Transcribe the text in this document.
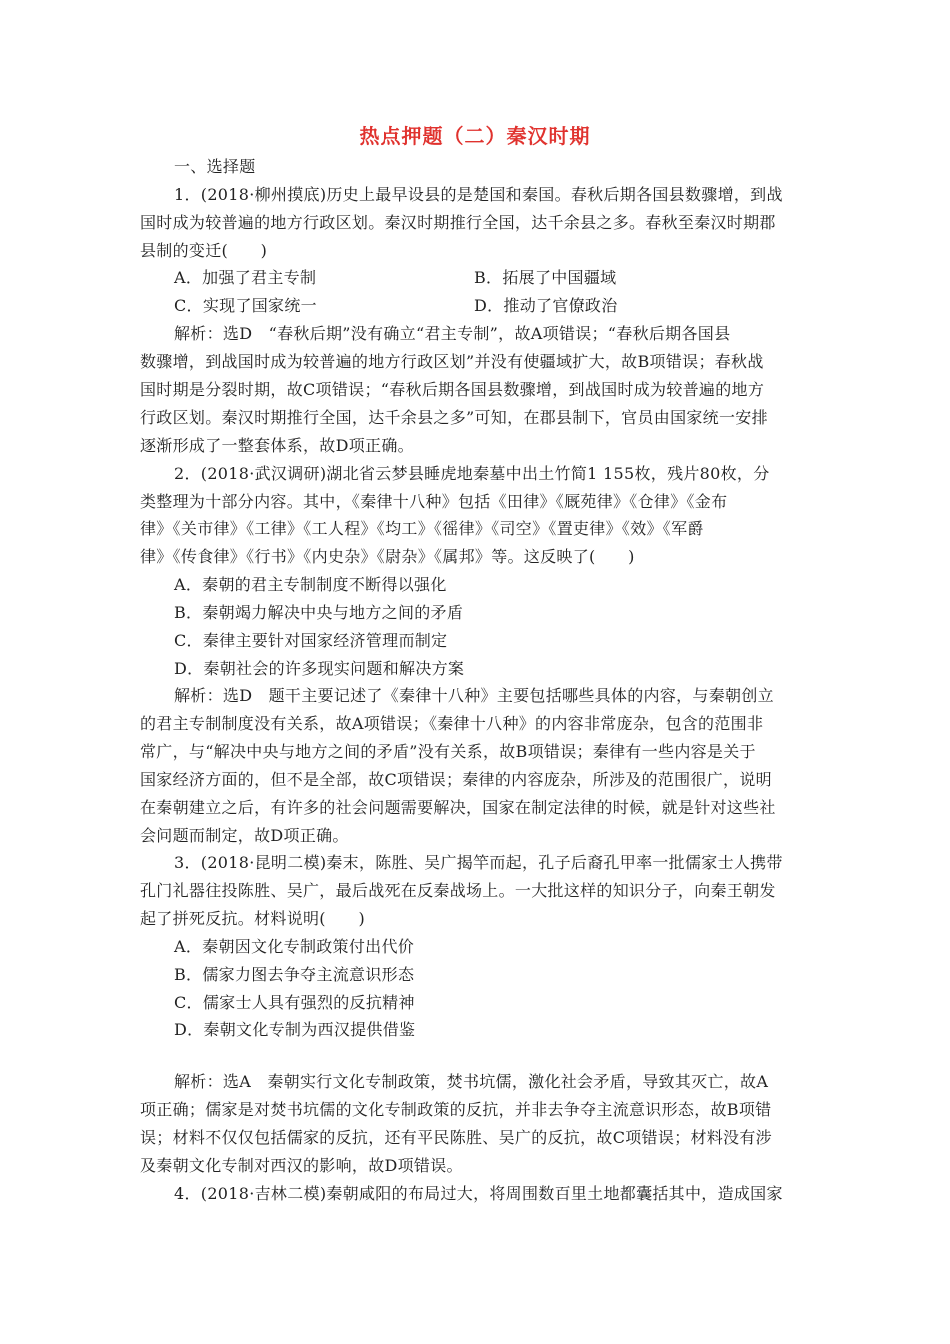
热点押题（二）秦汉时期
一、选择题
1．(2018·柳州摸底)历史上最早设县的是楚国和秦国。春秋后期各国县数骤增，到战
国时成为较普遍的地方行政区划。秦汉时期推行全国，达千余县之多。春秋至秦汉时期郡
县制的变迁(　　)
A．加强了君主专制	B．拓展了中国疆域
C．实现了国家统一	D．推动了官僚政治
解析：选D　“春秋后期”没有确立“君主专制”，故A项错误；“春秋后期各国县
数骤增，到战国时成为较普遍的地方行政区划”并没有使疆域扩大，故B项错误；春秋战
国时期是分裂时期，故C项错误；“春秋后期各国县数骤增，到战国时成为较普遍的地方
行政区划。秦汉时期推行全国，达千余县之多”可知，在郡县制下，官员由国家统一安排
逐渐形成了一整套体系，故D项正确。
2．(2018·武汉调研)湖北省云梦县睡虎地秦墓中出土竹简1 155枚，残片80枚，分
类整理为十部分内容。其中，《秦律十八种》包括《田律》《厩苑律》《仓律》《金布
律》《关市律》《工律》《工人程》《均工》《徭律》《司空》《置吏律》《效》《军爵
律》《传食律》《行书》《内史杂》《尉杂》《属邦》等。这反映了(　　)
A．秦朝的君主专制制度不断得以强化
B．秦朝竭力解决中央与地方之间的矛盾
C．秦律主要针对国家经济管理而制定
D．秦朝社会的许多现实问题和解决方案
解析：选D　题干主要记述了《秦律十八种》主要包括哪些具体的内容，与秦朝创立
的君主专制制度没有关系，故A项错误；《秦律十八种》的内容非常庞杂，包含的范围非
常广，与“解决中央与地方之间的矛盾”没有关系，故B项错误；秦律有一些内容是关于
国家经济方面的，但不是全部，故C项错误；秦律的内容庞杂，所涉及的范围很广，说明
在秦朝建立之后，有许多的社会问题需要解决，国家在制定法律的时候，就是针对这些社
会问题而制定，故D项正确。
3．(2018·昆明二模)秦末，陈胜、吴广揭竿而起，孔子后裔孔甲率一批儒家士人携带
孔门礼器往投陈胜、吴广，最后战死在反秦战场上。一大批这样的知识分子，向秦王朝发
起了拼死反抗。材料说明(　　)
A．秦朝因文化专制政策付出代价
B．儒家力图去争夺主流意识形态
C．儒家士人具有强烈的反抗精神
D．秦朝文化专制为西汉提供借鉴
解析：选A　秦朝实行文化专制政策，焚书坑儒，激化社会矛盾，导致其灭亡，故A
项正确；儒家是对焚书坑儒的文化专制政策的反抗，并非去争夺主流意识形态，故B项错
误；材料不仅仅包括儒家的反抗，还有平民陈胜、吴广的反抗，故C项错误；材料没有涉
及秦朝文化专制对西汉的影响，故D项错误。
4．(2018·吉林二模)秦朝咸阳的布局过大，将周围数百里土地都囊括其中，造成国家
